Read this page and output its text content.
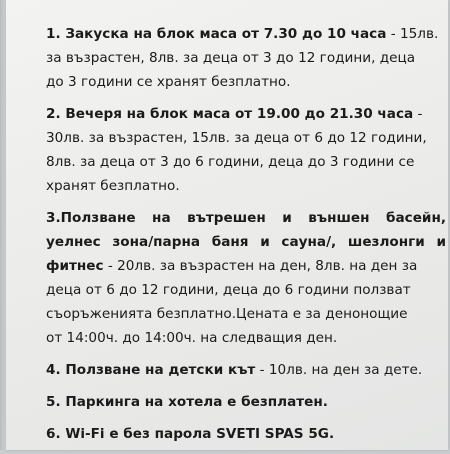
1. Закуска на блок маса от 7.30 до 10 часа - 15лв.
за възрастен, 8лв. за деца от 3 до 12 години, деца
до 3 години се хранят безплатно.
2. Вечеря на блок маса от 19.00 до 21.30 часа -
30лв. за възрастен, 15лв. за деца от 6 до 12 години,
8лв. за деца от 3 до 6 години, деца до 3 години се
хранят безплатно.
3.Ползване на вътрешен и външен басейн,
уелнес зона/парна баня и сауна/, шезлонги и
фитнес - 20лв. за възрастен на ден, 8лв. на ден за
деца от 6 до 12 години, деца до 6 години ползват
съоръженията безплатно.Цената е за денонощие
от 14:00ч. до 14:00ч. на следващия ден.
4. Ползване на детски кът - 10лв. на ден за дете.
5. Паркинга на хотела е безплатен.
6. Wi-Fi е без парола SVETI SPAS 5G.
